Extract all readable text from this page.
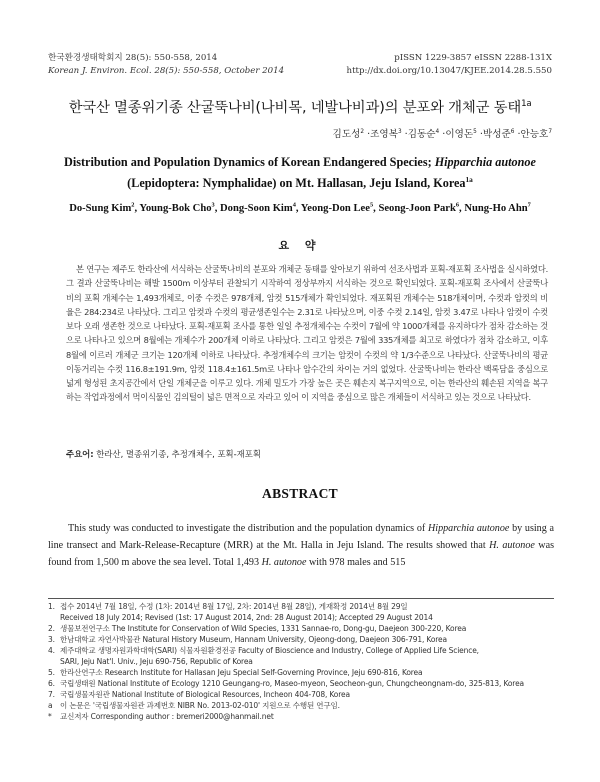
한국환경생태학회지 28(5): 550-558, 2014
Korean J. Environ. Ecol. 28(5): 550-558, October 2014
pISSN 1229-3857 eISSN 2288-131X
http://dx.doi.org/10.13047/KJEE.2014.28.5.550
한국산 멸종위기종 산굴뚝나비(나비목, 네발나비과)의 분포와 개체군 동태$^{1a}$
김도성$^2$ ·조영복$^3$ ·김동순$^4$ ·이영돈$^5$ ·박성준$^6$ ·안능호$^7$
Distribution and Population Dynamics of Korean Endangered Species; Hipparchia autonoe
(Lepidoptera: Nymphalidae) on Mt. Hallasan, Jeju Island, Korea$^{1a}$
Do-Sung Kim$^2$, Young-Bok Cho$^3$, Dong-Soon Kim$^4$, Yeong-Don Lee$^5$, Seong-Joon Park$^6$, Nung-Ho Ahn$^7$
요 약

본 연구는 제주도 한라산에 서식하는 산굴뚝나비의 분포와 개체군 동태를 알아보기 위하여 선조사법과 포획-재포획 조사법을 실시하였다. 그 결과 산굴뚝나비는 해발 1500m 이상부터 관찰되기 시작하여 정상부까지 서식하는 것으로 확인되었다. 포획-재포획 조사에서 산굴뚝나비의 포획 개체수는 1,493개체로, 이중 수컷은 978개체, 암컷 515개체가 확인되었다. 재포획된 개체수는 518개체이며, 수컷과 암컷의 비율은 284:234로 나타났다. 그리고 암컷과 수컷의 평균생존일수는 2.31로 나타났으며, 이중 수컷 2.14일, 암컷 3.47로 나타나 암컷이 수컷 보다 오래 생존한 것으로 나타났다. 포획-재포획 조사를 통한 일일 추정개체수는 수컷이 7월에 약 1000개체를 유지하다가 점차 감소하는 것으로 나타나고 있으며 8월에는 개체수가 200개체 이하로 나타났다. 그리고 암컷은 7월에 335개체를 최고로 하였다가 점차 감소하고, 이후 8월에 이르러 개체군 크기는 120개체 이하로 나타났다. 추정개체수의 크기는 암컷이 수컷의 약 1/3수준으로 나타났다. 산굴뚝나비의 평균 이동거리는 수컷 116.8±191.9m, 암컷 118.4±161.5m로 나타나 암수간의 차이는 거의 없었다. 산굴뚝나비는 한라산 백록담을 중심으로 넓게 형성된 초지공간에서 단일 개체군을 이루고 있다. 개체 밀도가 가장 높은 곳은 훼손지 복구지역으로, 이는 한라산의 훼손된 지역을 복구하는 작업과정에서 먹이식물인 김의털이 넓은 면적으로 자라고 있어 이 지역을 중심으로 많은 개체들이 서식하고 있는 것으로 나타났다.

주요어: 한라산, 멸종위기종, 추정개체수, 포획-재포획
ABSTRACT

This study was conducted to investigate the distribution and the population dynamics of Hipparchia autonoe by using a line transect and Mark-Release-Recapture (MRR) at the Mt. Halla in Jeju Island. The results showed that H. autonoe was found from 1,500 m above the sea level. Total 1,493 H. autonoe with 978 males and 515

1. 접수 2014년 7월 18일, 수정 (1차: 2014년 8월 17일, 2차: 2014년 8월 28일), 게재확정 2014년 8월 29일
Received 18 July 2014; Revised (1st: 17 August 2014, 2nd: 28 August 2014); Accepted 29 August 2014
2. 생물보전연구소 The Institute for Conservation of Wild Species, 1331 Sannae-ro, Dong-gu, Daejeon 300-220, Korea
3. 한남대학교 자연사박물관 Natural History Museum, Hannam University, Ojeong-dong, Daejeon 306-791, Korea
4. 제주대학교 생명자원과학대학(SARI) 식물자원환경전공 Faculty of Bioscience and Industry, College of Applied Life Science,
SARI, Jeju Nat'l. Univ., Jeju 690-756, Republic of Korea
5. 한라산연구소 Research Institute for Hallasan Jeju Special Self-Governing Province, Jeju 690-816, Korea
6. 국립생태원 National Institute of Ecology 1210 Geungang-ro, Maseo-myeon, Seocheon-gun, Chungcheongnam-do, 325-813, Korea
7. 국립생물자원관 National Institute of Biological Resources, Incheon 404-708, Korea
a 이 논문은 '국립생물자원관 과제번호 NIBR No. 2013-02-010' 지원으로 수행된 연구임.
* 교신저자 Corresponding author : bremeri2000@hanmail.net
